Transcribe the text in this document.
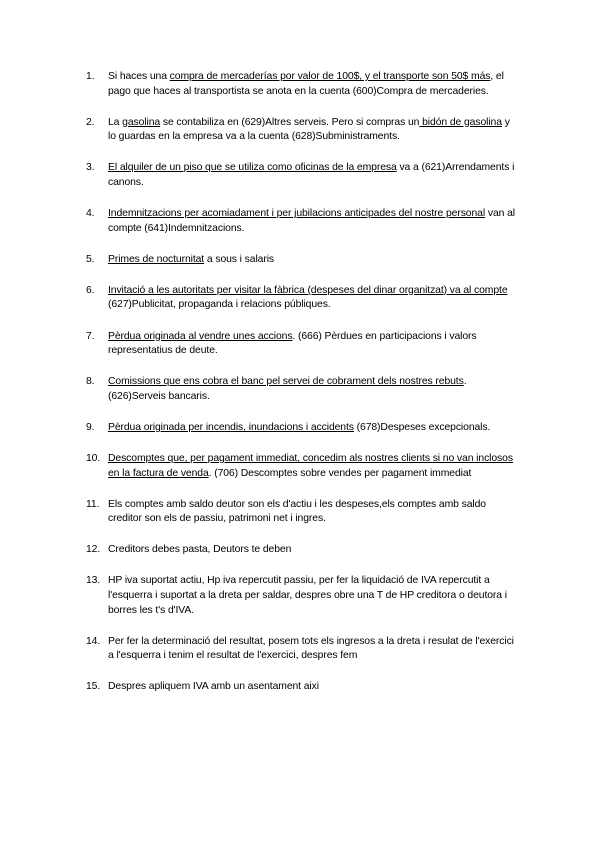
1. Si haces una compra de mercaderías por valor de 100$, y el transporte son 50$ más, el pago que haces al transportista se anota en la cuenta (600)Compra de mercaderies.
2. La gasolina se contabiliza en (629)Altres serveis. Pero si compras un bidón de gasolina y lo guardas en la empresa va a la cuenta (628)Subministraments.
3. El alquiler de un piso que se utiliza como oficinas de la empresa va a (621)Arrendaments i canons.
4. Indemnitzacions per acomiadament i per jubilacions anticipades del nostre personal van al compte (641)Indemnitzacions.
5. Primes de nocturnitat a sous i salaris
6. Invitació a les autoritats per visitar la fàbrica (despeses del dinar organitzat) va al compte (627)Publicitat, propaganda i relacions públiques.
7. Pèrdua originada al vendre unes accions. (666) Pèrdues en participacions i valors representatius de deute.
8. Comissions que ens cobra el banc pel servei de cobrament dels nostres rebuts. (626)Serveis bancaris.
9. Pèrdua originada per incendis, inundacions i accidents (678)Despeses excepcionals.
10. Descomptes que, per pagament immediat, concedim als nostres clients si no van inclosos en la factura de venda. (706) Descomptes sobre vendes per pagament immediat
11. Els comptes amb saldo deutor son els d'actiu i les despeses,els comptes amb saldo creditor son els de passiu, patrimoni net i ingres.
12. Creditors debes pasta, Deutors te deben
13. HP iva suportat actiu, Hp iva repercutit passiu, per fer la liquidació de IVA repercutit a l'esquerra i suportat a la dreta per saldar, despres obre una T de HP creditora o deutora i borres les t's d'IVA.
14. Per fer la determinació del resultat, posem tots els ingresos a la dreta i resulat de l'exercici a l'esquerra i tenim el resultat de l'exercici, despres fem
15. Despres apliquem IVA amb un asentament aixi
